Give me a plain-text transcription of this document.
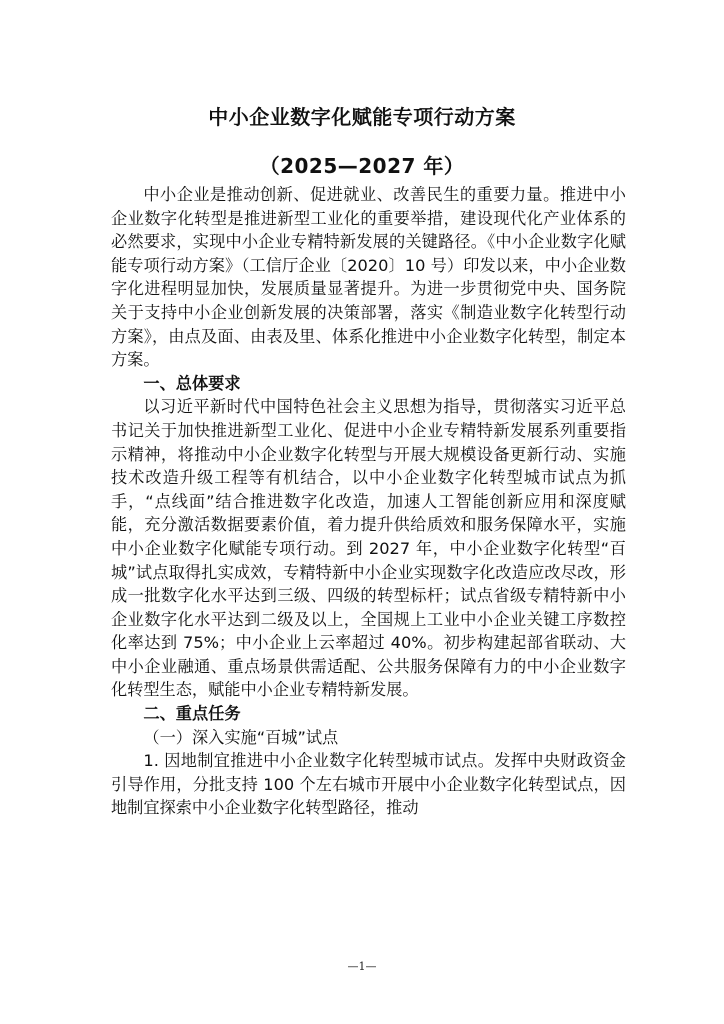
中小企业数字化赋能专项行动方案
（2025—2027 年）

中小企业是推动创新、促进就业、改善民生的重要力量。推进中小企业数字化转型是推进新型工业化的重要举措，建设现代化产业体系的必然要求，实现中小企业专精特新发展的关键路径。《中小企业数字化赋能专项行动方案》（工信厅企业〔2020〕10 号）印发以来，中小企业数字化进程明显加快，发展质量显著提升。为进一步贯彻党中央、国务院关于支持中小企业创新发展的决策部署，落实《制造业数字化转型行动方案》，由点及面、由表及里、体系化推进中小企业数字化转型，制定本方案。

一、总体要求

以习近平新时代中国特色社会主义思想为指导，贯彻落实习近平总书记关于加快推进新型工业化、促进中小企业专精特新发展系列重要指示精神，将推动中小企业数字化转型与开展大规模设备更新行动、实施技术改造升级工程等有机结合，以中小企业数字化转型城市试点为抓手，“点线面”结合推进数字化改造，加速人工智能创新应用和深度赋能，充分激活数据要素价值，着力提升供给质效和服务保障水平，实施中小企业数字化赋能专项行动。到 2027 年，中小企业数字化转型“百城”试点取得扎实成效，专精特新中小企业实现数字化改造应改尽改，形成一批数字化水平达到三级、四级的转型标杆；试点省级专精特新中小企业数字化水平达到二级及以上，全国规上工业中小企业关键工序数控化率达到 75%；中小企业上云率超过 40%。初步构建起部省联动、大中小企业融通、重点场景供需适配、公共服务保障有力的中小企业数字化转型生态，赋能中小企业专精特新发展。

二、重点任务

（一）深入实施“百城”试点

1. 因地制宜推进中小企业数字化转型城市试点。发挥中央财政资金引导作用，分批支持 100 个左右城市开展中小企业数字化转型试点，因地制宜探索中小企业数字化转型路径，推动

—1—
